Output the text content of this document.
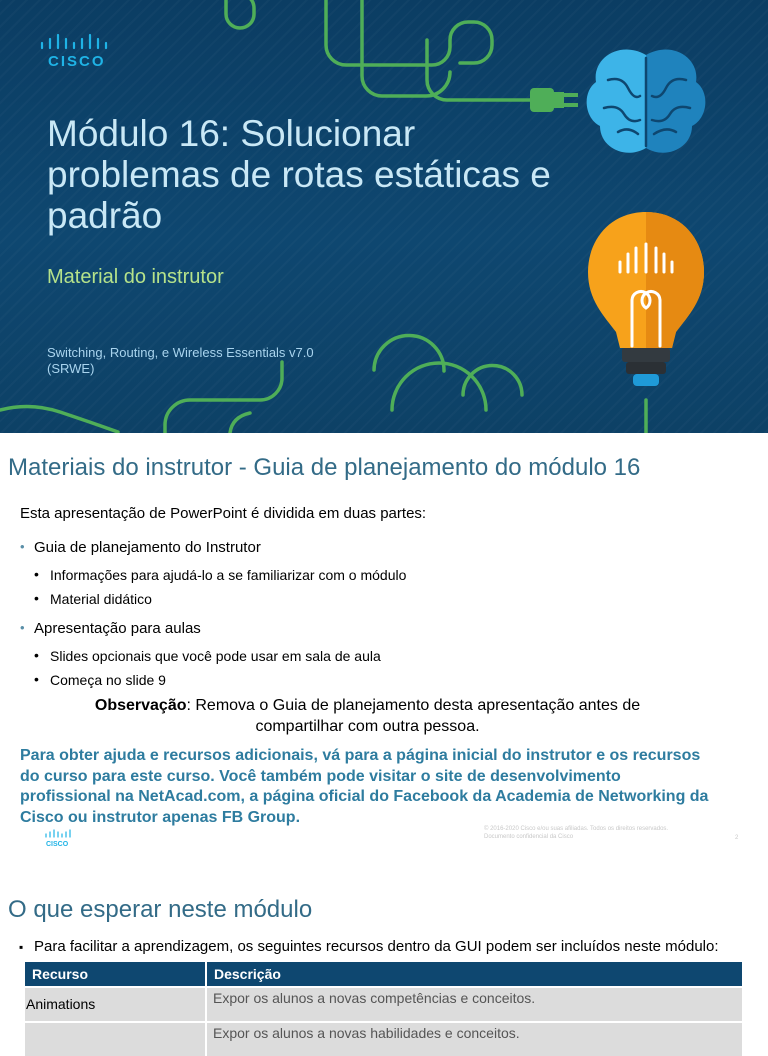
CISCO
Módulo 16: Solucionar problemas de rotas estáticas e padrão
Material do instrutor
Switching, Routing, e Wireless Essentials v7.0 (SRWE)
Materiais do instrutor - Guia de planejamento do módulo 16
Esta apresentação de PowerPoint é dividida em duas partes:
• Guia de planejamento do Instrutor
• Informações para ajudá-lo a se familiarizar com o módulo
• Material didático
• Apresentação para aulas
• Slides opcionais que você pode usar em sala de aula
• Começa no slide 9
Observação: Remova o Guia de planejamento desta apresentação antes de compartilhar com outra pessoa.
Para obter ajuda e recursos adicionais, vá para a página inicial do instrutor e os recursos do curso para este curso. Você também pode visitar o site de desenvolvimento profissional na NetAcad.com, a página oficial do Facebook da Academia de Networking da Cisco ou instrutor apenas FB Group.
CISCO
© 2016-2020 Cisco e/ou suas afiliadas. Todos os direitos reservados. Documento confidencial da Cisco	2
O que esperar neste módulo
▪ Para facilitar a aprendizagem, os seguintes recursos dentro da GUI podem ser incluídos neste módulo:
Recurso	Descrição
Animations	Expor os alunos a novas competências e conceitos.
	Expor os alunos a novas habilidades e conceitos.
